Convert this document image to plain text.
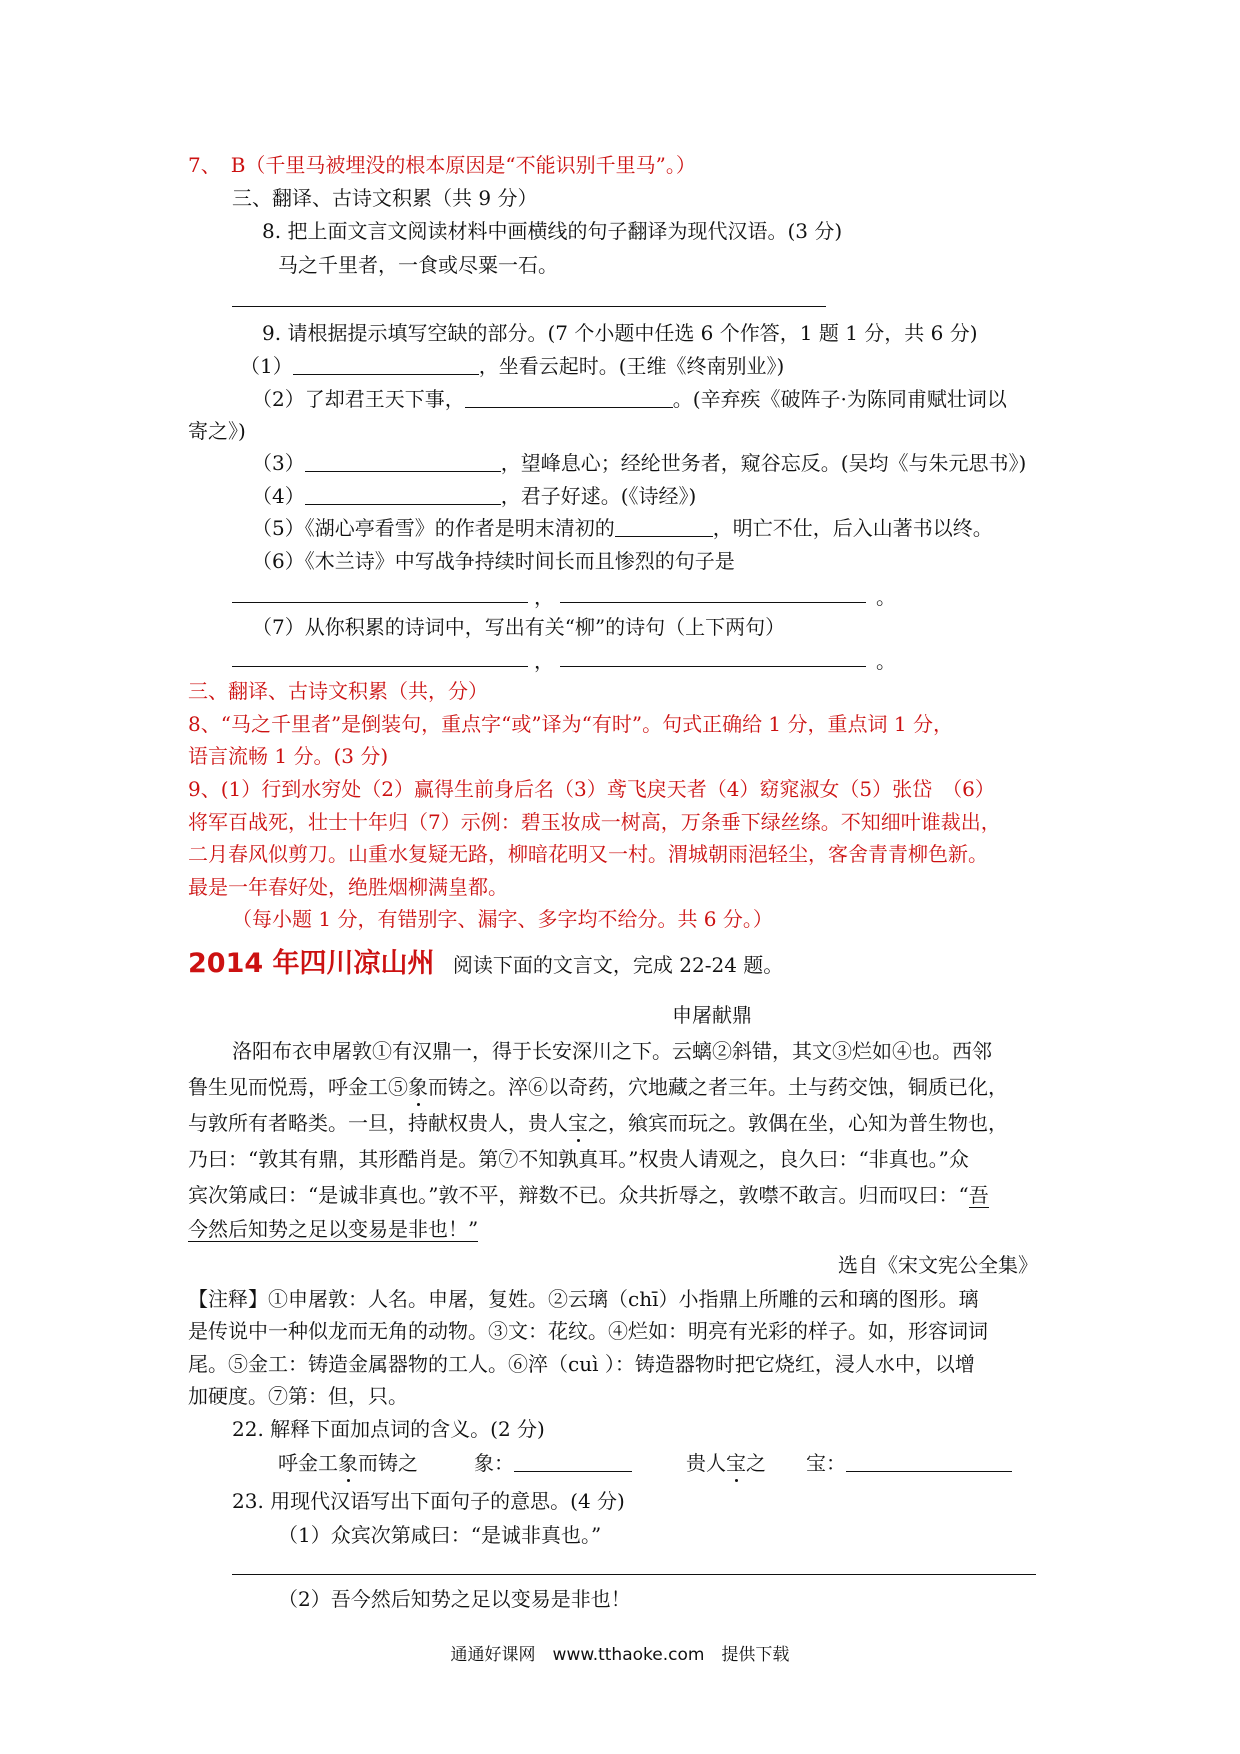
7、　B（千里马被埋没的根本原因是“不能识别千里马”。）
三、翻译、古诗文积累（共 9 分）
8. 把上面文言文阅读材料中画横线的句子翻译为现代汉语。(3 分)
马之千里者，一食或尽粟一石。
9. 请根据提示填写空缺的部分。(7 个小题中任选 6 个作答，1 题 1 分，共 6 分)
（1）	，坐看云起时。(王维《终南别业》)
（2）了却君王天下事，	。(辛弃疾《破阵子·为陈同甫赋壮词以
寄之》)
（3）	，望峰息心；经纶世务者，窥谷忘反。(吴均《与朱元思书》)
（4）	，君子好逑。(《诗经》)
（5）《湖心亭看雪》的作者是明末清初的	，明亡不仕，后入山著书以终。
（6）《木兰诗》中写战争持续时间长而且惨烈的句子是
，	。
（7）从你积累的诗词中，写出有关“柳”的诗句（上下两句）
，	。
三、翻译、古诗文积累（共，分）
8、“马之千里者”是倒装句，重点字“或”译为“有时”。句式正确给 1 分，重点词 1 分，
语言流畅 1 分。(3 分)
9、(1）行到水穷处（2）赢得生前身后名（3）鸢飞戾天者（4）窈窕淑女（5）张岱　（6）
将军百战死，壮士十年归（7）示例：碧玉妆成一树高，万条垂下绿丝绦。不知细叶谁裁出，
二月春风似剪刀。山重水复疑无路，柳暗花明又一村。渭城朝雨浥轻尘，客舍青青柳色新。
最是一年春好处，绝胜烟柳满皇都。
（每小题 1 分，有错别字、漏字、多字均不给分。共 6 分。）
2014 年四川凉山州 阅读下面的文言文，完成 22-24 题。
申屠献鼎
洛阳布衣申屠敦①有汉鼎一，得于长安深川之下。云螭②斜错，其文③烂如④也。西邻
鲁生见而悦焉，呼金工⑤象而铸之。淬⑥以奇药，穴地藏之者三年。土与药交蚀，铜质已化，
与敦所有者略类。一旦，持献权贵人，贵人宝之，飨宾而玩之。敦偶在坐，心知为普生物也，
乃曰：“敦其有鼎，其形酷肖是。第⑦不知孰真耳。”权贵人请观之，良久曰：“非真也。”众
宾次第咸曰：“是诚非真也。”敦不平，辩数不已。众共折辱之，敦噤不敢言。归而叹曰：“吾
今然后知势之足以变易是非也！”
选自《宋文宪公全集》
【注释】①申屠敦：人名。申屠，复姓。②云璃（chī）小指鼎上所雕的云和璃的图形。璃
是传说中一种似龙而无角的动物。③文：花纹。④烂如：明亮有光彩的样子。如，形容词词
尾。⑤金工：铸造金属器物的工人。⑥淬（cuì ）：铸造器物时把它烧红，浸人水中，以增
加硬度。⑦第：但，只。
22. 解释下面加点词的含义。(2 分)
呼金工象而铸之	象：	贵人宝之 宝：
23. 用现代汉语写出下面句子的意思。(4 分)
（1）众宾次第咸曰：“是诚非真也。”
（2）吾今然后知势之足以变易是非也！
通通好课网　www.tthaoke.com　提供下载
